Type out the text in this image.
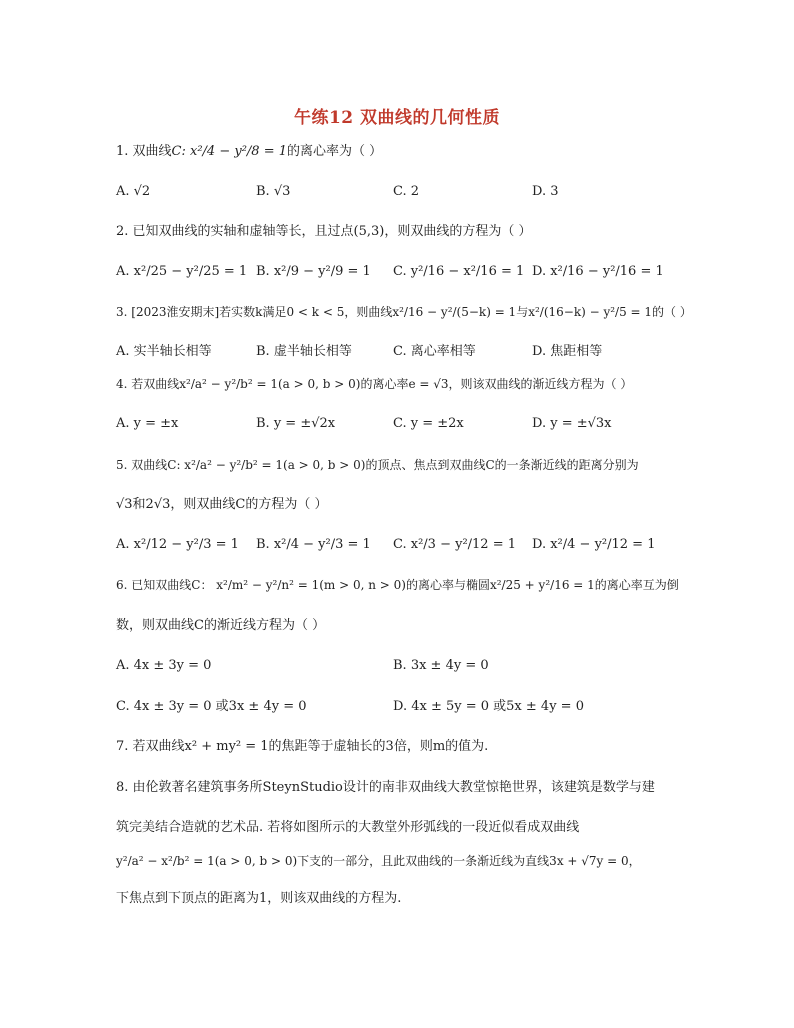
午练12 双曲线的几何性质
1. 双曲线C: x²/4 − y²/8 = 1的离心率为（ ）
A. √2	B. √3	C. 2	D. 3
2. 已知双曲线的实轴和虚轴等长，且过点(5,3)，则双曲线的方程为（ ）
A. x²/25 − y²/25 = 1 B. x²/9 − y²/9 = 1 C. y²/16 − x²/16 = 1 D. x²/16 − y²/16 = 1
3. [2023淮安期末]若实数k满足0 < k < 5，则曲线x²/16 − y²/(5−k) = 1与x²/(16−k) − y²/5 = 1的（ ）
A. 实半轴长相等	B. 虚半轴长相等	C. 离心率相等	D. 焦距相等
4. 若双曲线x²/a² − y²/b² = 1(a > 0, b > 0)的离心率e = √3，则该双曲线的渐近线方程为（ ）
A. y = ±x	B. y = ±√2x	C. y = ±2x	D. y = ±√3x
5. 双曲线C: x²/a² − y²/b² = 1(a > 0, b > 0)的顶点、焦点到双曲线C的一条渐近线的距离分别为
√3和2√3，则双曲线C的方程为（ ）
A. x²/12 − y²/3 = 1 B. x²/4 − y²/3 = 1 C. x²/3 − y²/12 = 1 D. x²/4 − y²/12 = 1
6. 已知双曲线C： x²/m² − y²/n² = 1(m > 0, n > 0)的离心率与椭圆x²/25 + y²/16 = 1的离心率互为倒
数，则双曲线C的渐近线方程为（ ）
A. 4x ± 3y = 0	B. 3x ± 4y = 0
C. 4x ± 3y = 0 或3x ± 4y = 0	D. 4x ± 5y = 0 或5x ± 4y = 0
7. 若双曲线x² + my² = 1的焦距等于虚轴长的3倍，则m的值为.
8. 由伦敦著名建筑事务所SteynStudio设计的南非双曲线大教堂惊艳世界，该建筑是数学与建
筑完美结合造就的艺术品. 若将如图所示的大教堂外形弧线的一段近似看成双曲线
y²/a² − x²/b² = 1(a > 0, b > 0)下支的一部分，且此双曲线的一条渐近线为直线3x + √7y = 0，
下焦点到下顶点的距离为1，则该双曲线的方程为.
